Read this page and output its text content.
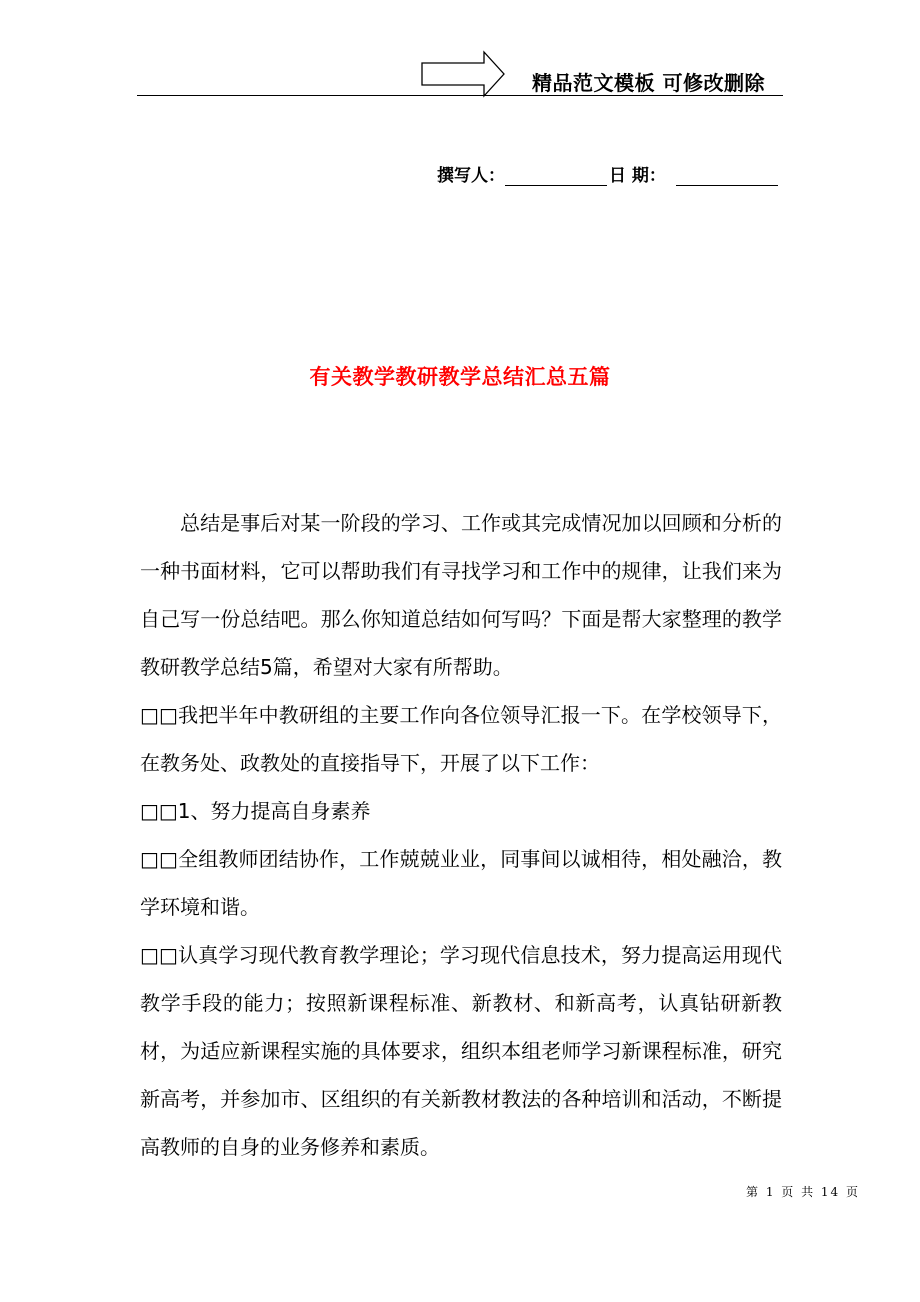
精品范文模板 可修改删除
撰写人：	日 期：
有关教学教研教学总结汇总五篇

总结是事后对某一阶段的学习、工作或其完成情况加以回顾和分析的一种书面材料，它可以帮助我们有寻找学习和工作中的规律，让我们来为自己写一份总结吧。那么你知道总结如何写吗？下面是帮大家整理的教学教研教学总结5篇，希望对大家有所帮助。

□□我把半年中教研组的主要工作向各位领导汇报一下。在学校领导下，在教务处、政教处的直接指导下，开展了以下工作：

□□1、努力提高自身素养

□□全组教师团结协作，工作兢兢业业，同事间以诚相待，相处融洽，教学环境和谐。

□□认真学习现代教育教学理论；学习现代信息技术，努力提高运用现代教学手段的能力；按照新课程标准、新教材、和新高考，认真钻研新教材，为适应新课程实施的具体要求，组织本组老师学习新课程标准，研究新高考，并参加市、区组织的有关新教材教法的各种培训和活动，不断提高教师的自身的业务修养和素质。

第 1 页 共 14 页
